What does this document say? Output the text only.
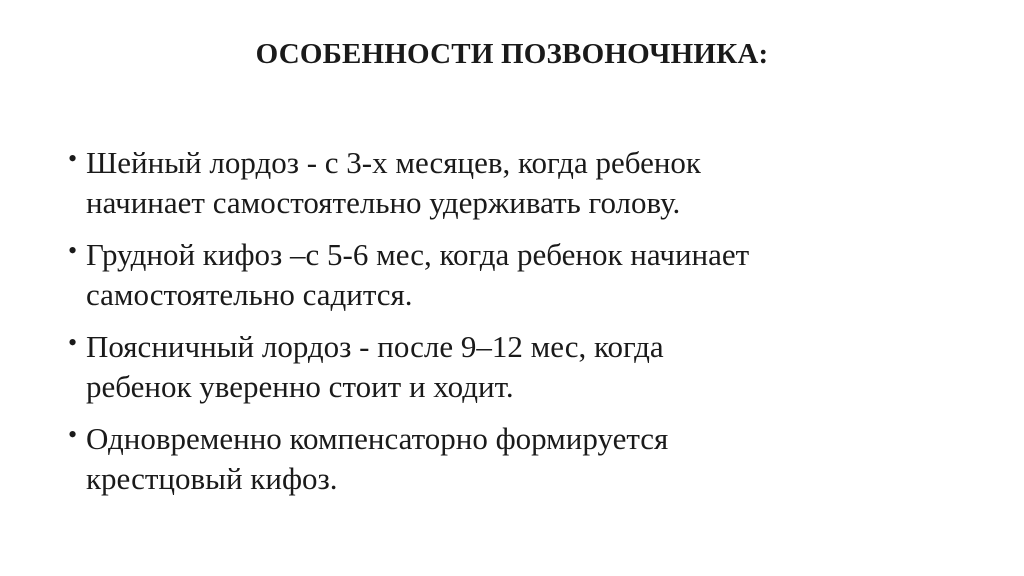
ОСОБЕННОСТИ ПОЗВОНОЧНИКА:
• Шейный лордоз - с 3-х месяцев, когда ребенок
начинает самостоятельно удерживать голову.
• Грудной кифоз –с 5-6 мес, когда ребенок начинает
самостоятельно садится.
• Поясничный лордоз - после 9–12 мес, когда
ребенок уверенно стоит и ходит.
• Одновременно компенсаторно формируется
крестцовый кифоз.
